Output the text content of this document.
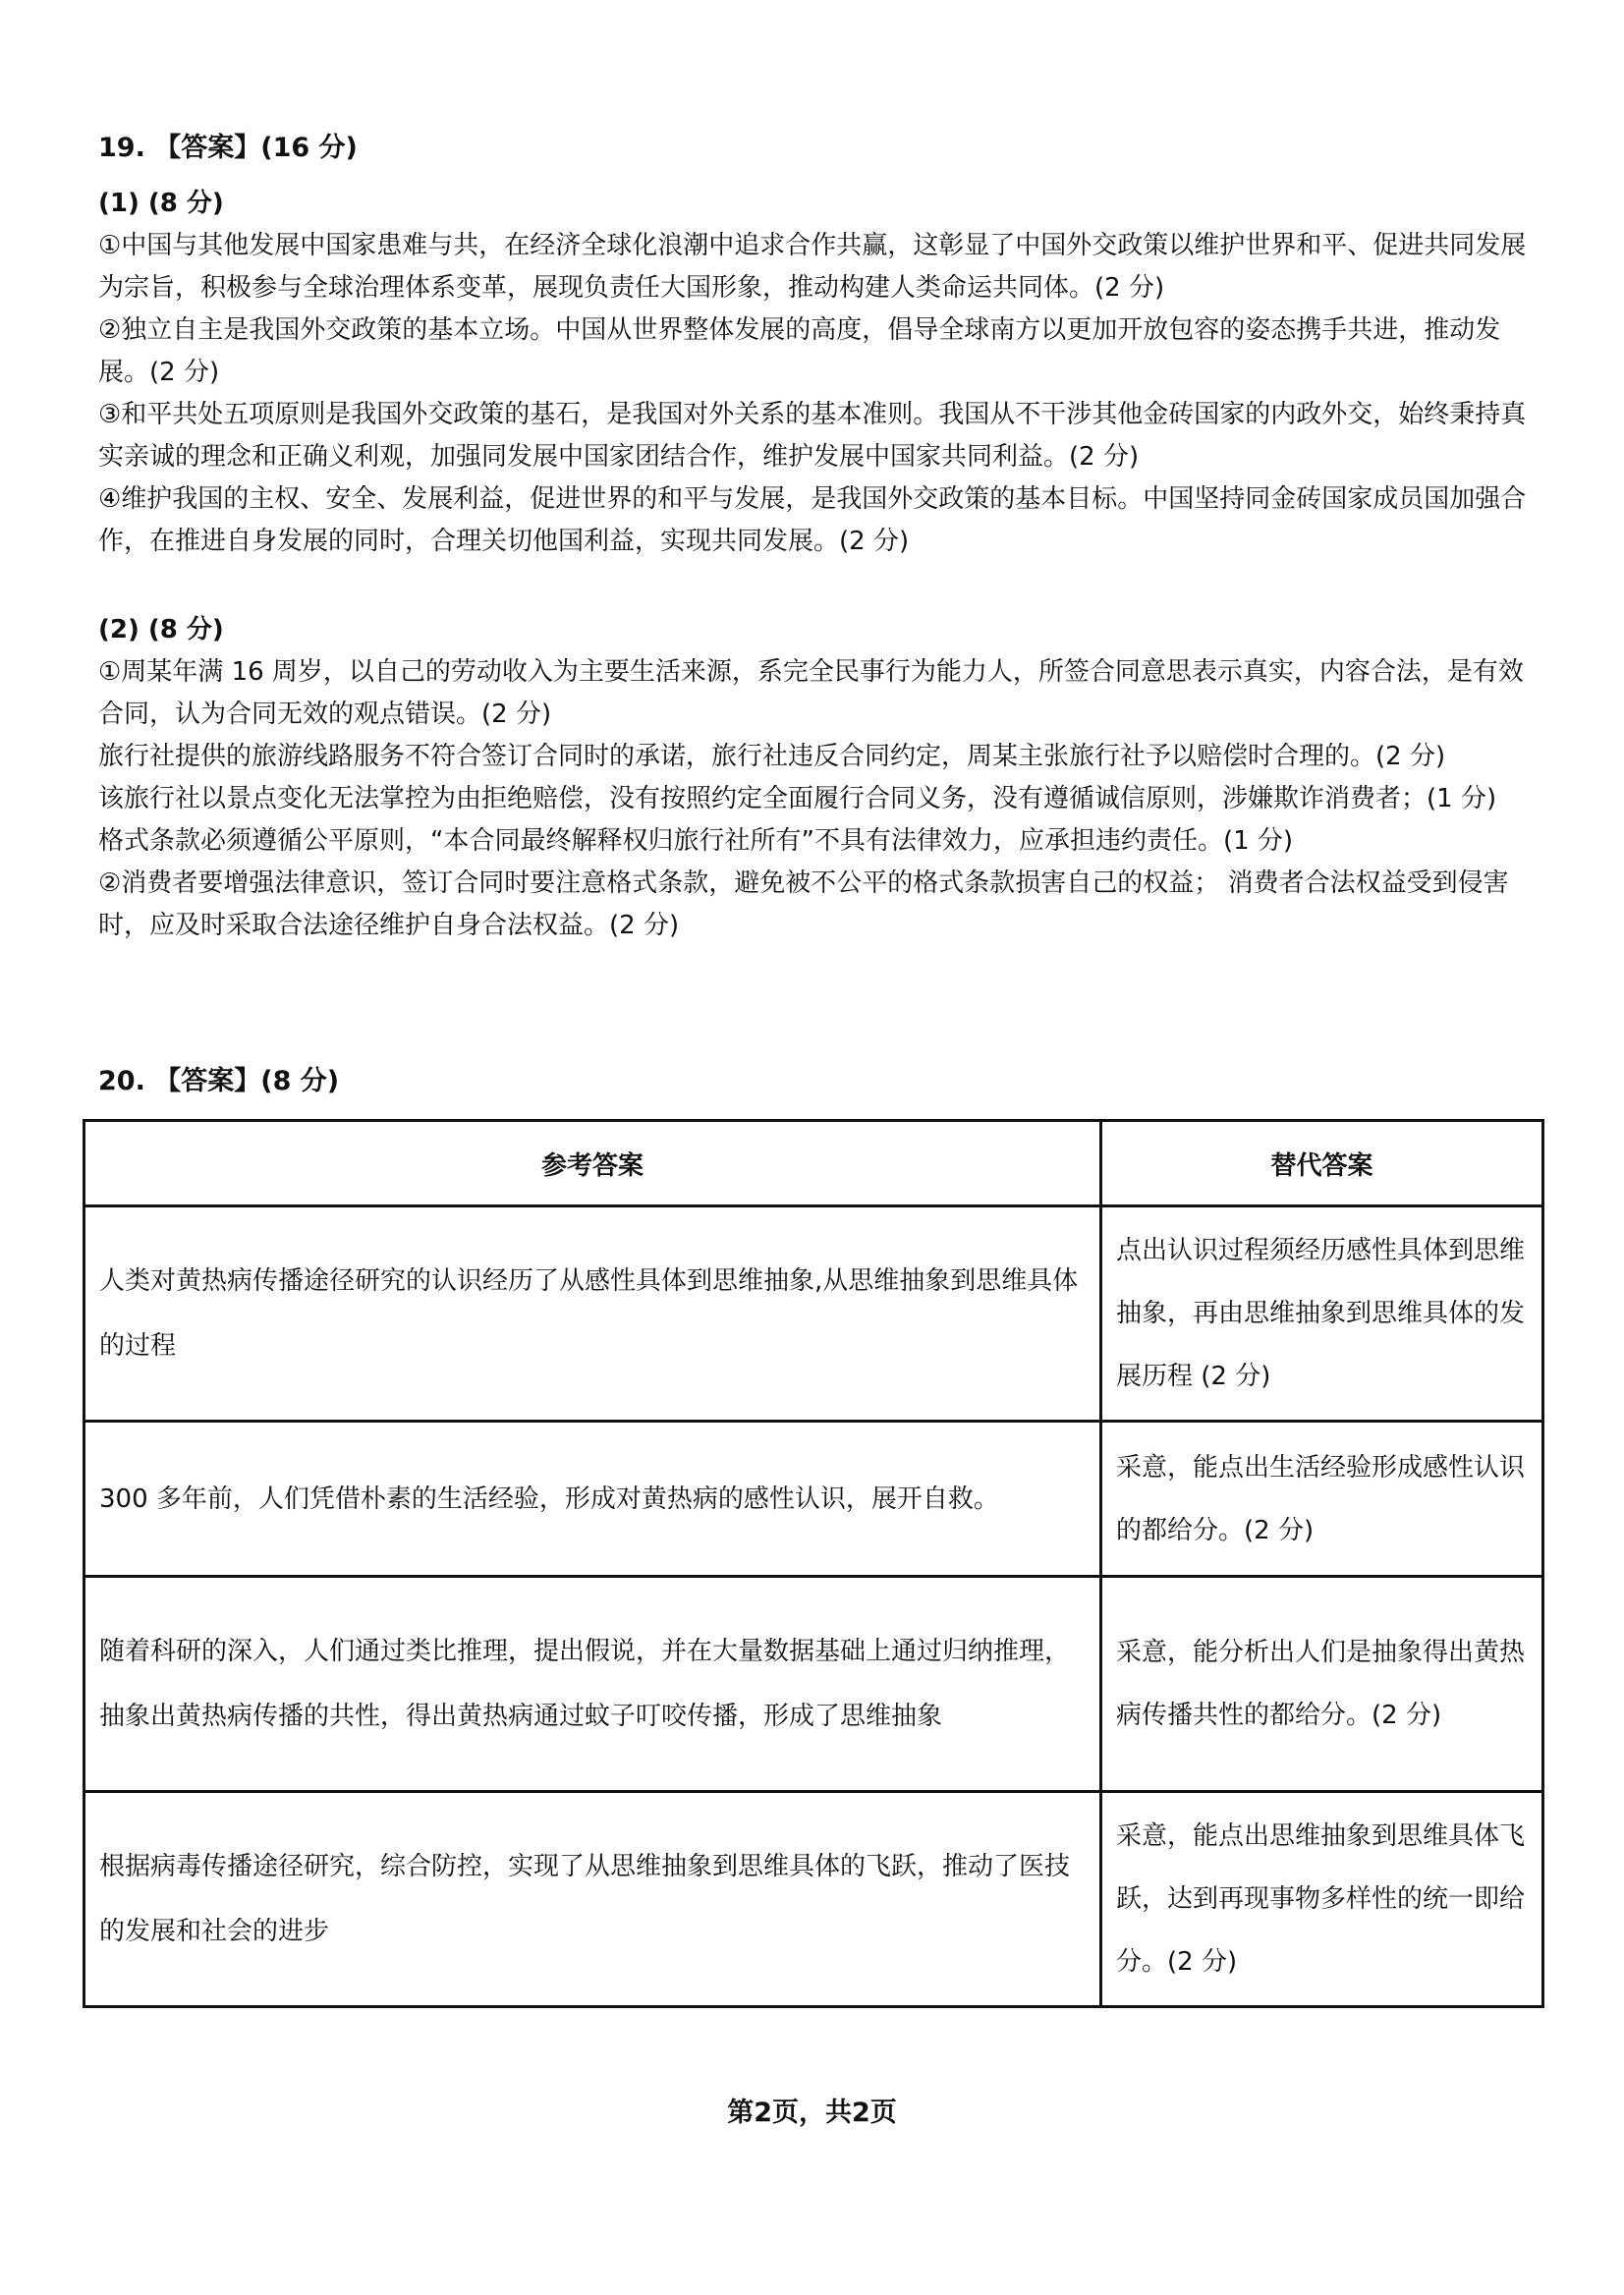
19. 【答案】(16 分)

(1) (8 分)

①中国与其他发展中国家患难与共，在经济全球化浪潮中追求合作共赢，这彰显了中国外交政策以维护世界和平、促进共同发展为宗旨，积极参与全球治理体系变革，展现负责任大国形象，推动构建人类命运共同体。(2 分)

②独立自主是我国外交政策的基本立场。中国从世界整体发展的高度，倡导全球南方以更加开放包容的姿态携手共进，推动发展。(2 分)

③和平共处五项原则是我国外交政策的基石，是我国对外关系的基本准则。我国从不干涉其他金砖国家的内政外交，始终秉持真实亲诚的理念和正确义利观，加强同发展中国家团结合作，维护发展中国家共同利益。(2 分)

④维护我国的主权、安全、发展利益，促进世界的和平与发展，是我国外交政策的基本目标。中国坚持同金砖国家成员国加强合作，在推进自身发展的同时，合理关切他国利益，实现共同发展。(2 分)

(2) (8 分)

①周某年满 16 周岁，以自己的劳动收入为主要生活来源，系完全民事行为能力人，所签合同意思表示真实，内容合法，是有效合同，认为合同无效的观点错误。(2 分)

旅行社提供的旅游线路服务不符合签订合同时的承诺，旅行社违反合同约定，周某主张旅行社予以赔偿时合理的。(2 分)

该旅行社以景点变化无法掌控为由拒绝赔偿，没有按照约定全面履行合同义务，没有遵循诚信原则，涉嫌欺诈消费者；(1 分)

格式条款必须遵循公平原则，“本合同最终解释权归旅行社所有”不具有法律效力，应承担违约责任。(1 分)

②消费者要增强法律意识，签订合同时要注意格式条款，避免被不公平的格式条款损害自己的权益； 消费者合法权益受到侵害时，应及时采取合法途径维护自身合法权益。(2 分)

20. 【答案】(8 分)
参考答案	替代答案
人类对黄热病传播途径研究的认识经历了从感性具体到思维抽象,从思维抽象到思维具体的过程	点出认识过程须经历感性具体到思维抽象，再由思维抽象到思维具体的发展历程 (2 分)
300 多年前，人们凭借朴素的生活经验，形成对黄热病的感性认识，展开自救。	采意，能点出生活经验形成感性认识的都给分。(2 分)
随着科研的深入，人们通过类比推理，提出假说，并在大量数据基础上通过归纳推理，抽象出黄热病传播的共性，得出黄热病通过蚊子叮咬传播，形成了思维抽象	采意，能分析出人们是抽象得出黄热病传播共性的都给分。(2 分)
根据病毒传播途径研究，综合防控，实现了从思维抽象到思维具体的飞跃，推动了医技的发展和社会的进步	采意，能点出思维抽象到思维具体飞跃，达到再现事物多样性的统一即给分。(2 分)
第2页，共2页
